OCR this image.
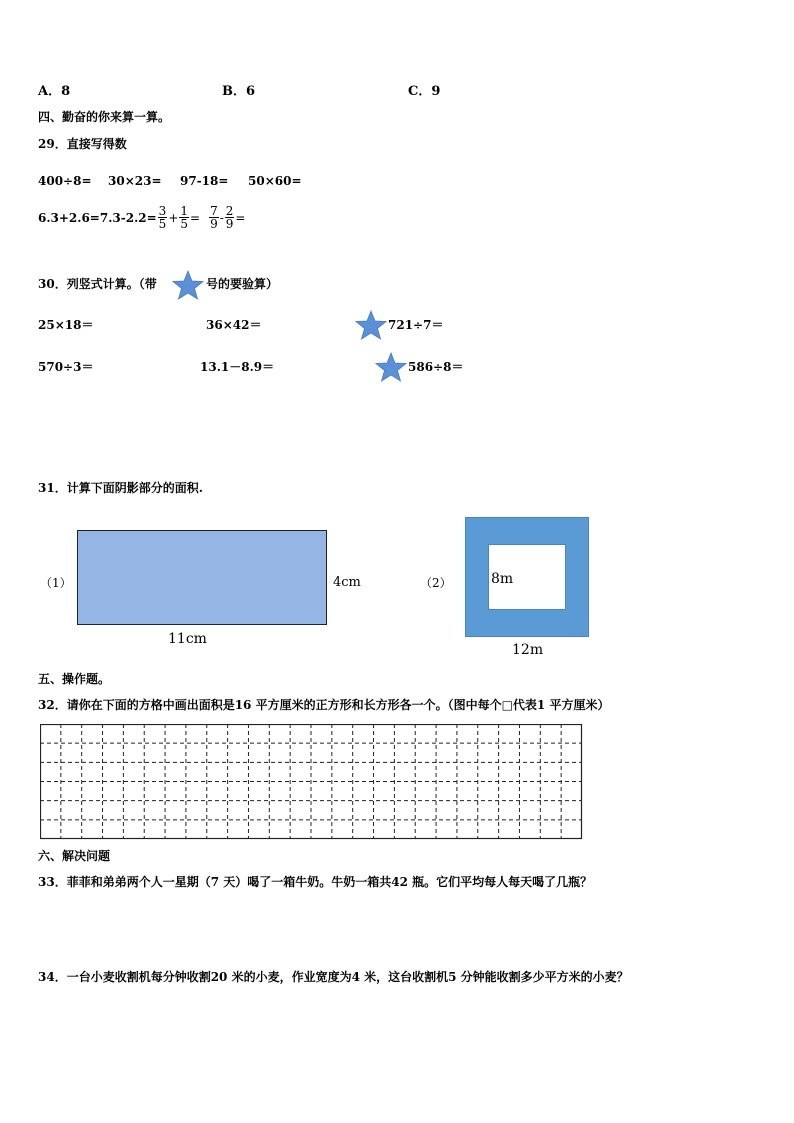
A．8	B．6	C．9
四、勤奋的你来算一算。
29．直接写得数
400÷8= 30×23= 97-18= 50×60=
$6.3+2.6= 7.3-2.2= \frac{3}{5} + \frac{1}{5} = \frac{7}{9} - \frac{2}{9}$ =
30．列竖式计算。（带	号的要验算）
25×18＝	36×42＝	721÷7＝
570÷3＝	13.1－8.9＝	586÷8＝
31．计算下面阴影部分的面积.
（1）	4cm
11cm
（2）	8m
12m
五、操作题。
32．请你在下面的方格中画出面积是16 平方厘米的正方形和长方形各一个。（图中每个□代表1 平方厘米）
六、解决问题
33．菲菲和弟弟两个人一星期（7 天）喝了一箱牛奶。牛奶一箱共42 瓶。它们平均每人每天喝了几瓶？
34．一台小麦收割机每分钟收割20 米的小麦，作业宽度为4 米，这台收割机5 分钟能收割多少平方米的小麦？
